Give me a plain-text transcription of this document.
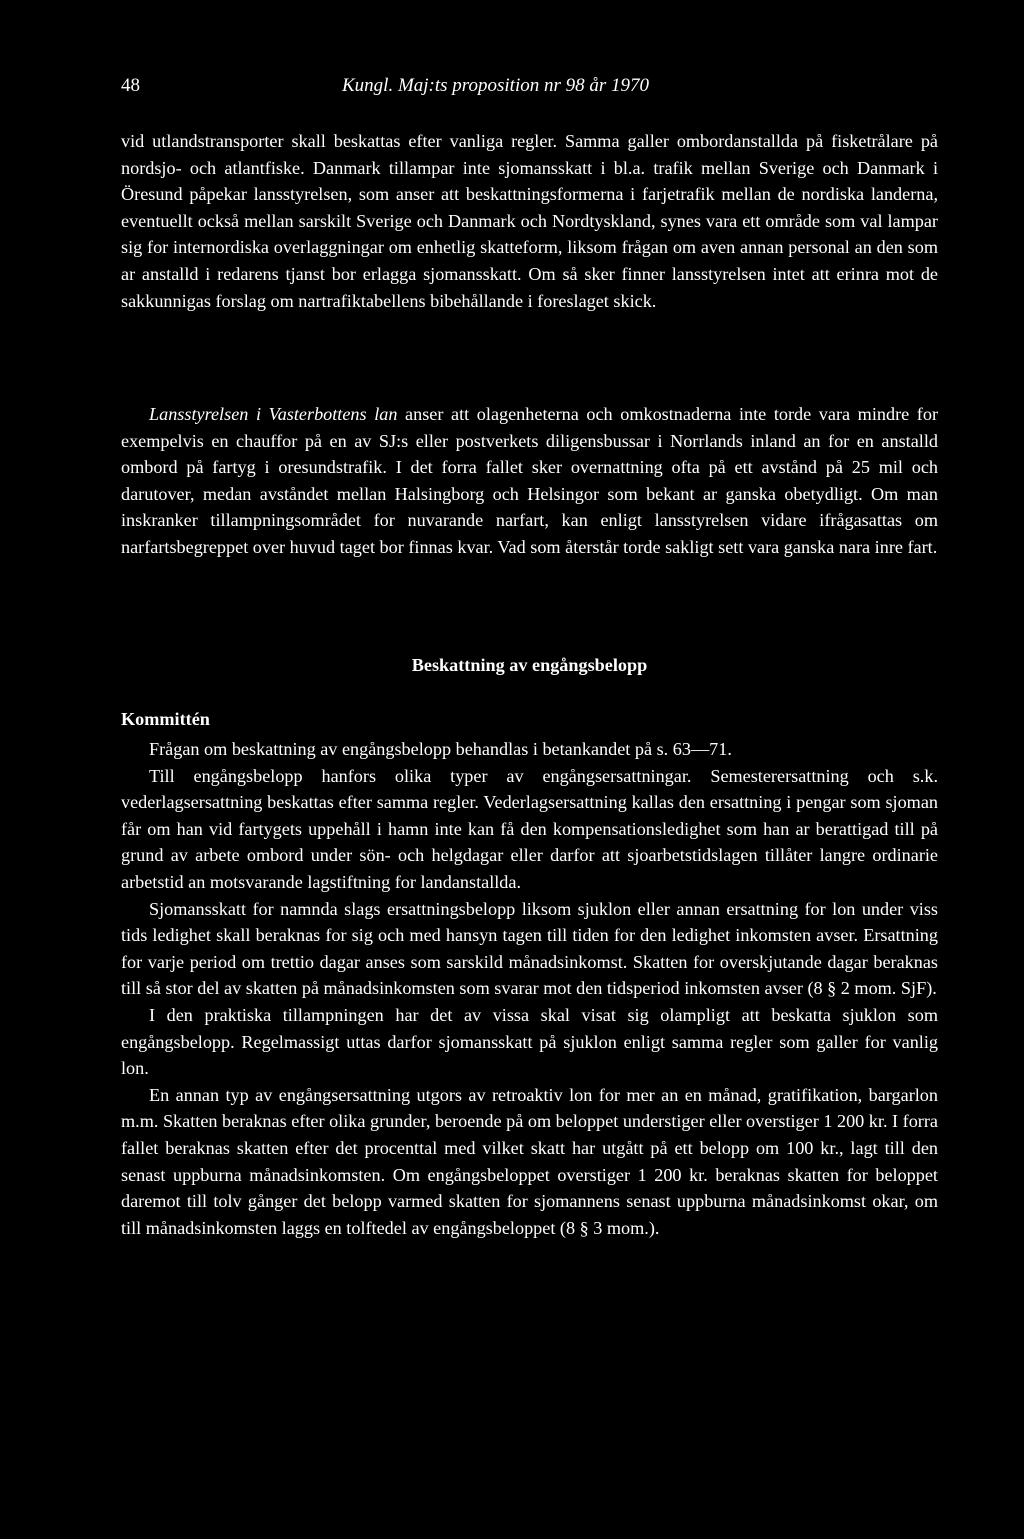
48	Kungl. Maj:ts proposition nr 98 år 1970

vid utlandstransporter skall beskattas efter vanliga regler. Samma galler ombordanstallda på fisketrålare på nordsjo- och atlantfiske. Danmark tillampar inte sjomansskatt i bl.a. trafik mellan Sverige och Danmark i Öresund påpekar lansstyrelsen, som anser att beskattningsformerna i farjetrafik mellan de nordiska landerna, eventuellt också mellan sarskilt Sverige och Danmark och Nordtyskland, synes vara ett område som val lampar sig for internordiska overlaggningar om enhetlig skatteform, liksom frågan om aven annan personal an den som ar anstalld i redarens tjanst bor erlagga sjomansskatt. Om så sker finner lansstyrelsen intet att erinra mot de sakkunnigas forslag om nartrafiktabellens bibehållande i foreslaget skick.

Lansstyrelsen i Vasterbottens lan anser att olagenheterna och omkostnaderna inte torde vara mindre for exempelvis en chauffor på en av SJ:s eller postverkets diligensbussar i Norrlands inland an for en anstalld ombord på fartyg i oresundstrafik. I det forra fallet sker overnattning ofta på ett avstånd på 25 mil och darutover, medan avståndet mellan Halsingborg och Helsingor som bekant ar ganska obetydligt. Om man inskranker tillampningsområdet for nuvarande narfart, kan enligt lansstyrelsen vidare ifrågasattas om narfartsbegreppet over huvud taget bor finnas kvar. Vad som återstår torde sakligt sett vara ganska nara inre fart.

Beskattning av engångsbelopp
Kommittén

Frågan om beskattning av engångsbelopp behandlas i betankandet på s. 63—71.

Till engångsbelopp hanfors olika typer av engångsersattningar. Semesterersattning och s.k. vederlagsersattning beskattas efter samma regler. Vederlagsersattning kallas den ersattning i pengar som sjoman får om han vid fartygets uppehåll i hamn inte kan få den kompensationsledighet som han ar berattigad till på grund av arbete ombord under sön- och helgdagar eller darfor att sjoarbetstidslagen tillåter langre ordinarie arbetstid an motsvarande lagstiftning for landanstallda.

Sjomansskatt for namnda slags ersattningsbelopp liksom sjuklon eller annan ersattning for lon under viss tids ledighet skall beraknas for sig och med hansyn tagen till tiden for den ledighet inkomsten avser. Ersattning for varje period om trettio dagar anses som sarskild månadsinkomst. Skatten for overskjutande dagar beraknas till så stor del av skatten på månadsinkomsten som svarar mot den tidsperiod inkomsten avser (8 § 2 mom. SjF).

I den praktiska tillampningen har det av vissa skal visat sig olampligt att beskatta sjuklon som engångsbelopp. Regelmassigt uttas darfor sjomansskatt på sjuklon enligt samma regler som galler for vanlig lon.

En annan typ av engångsersattning utgors av retroaktiv lon for mer an en månad, gratifikation, bargarlon m.m. Skatten beraknas efter olika grunder, beroende på om beloppet understiger eller overstiger 1 200 kr. I forra fallet beraknas skatten efter det procenttal med vilket skatt har utgått på ett belopp om 100 kr., lagt till den senast uppburna månadsinkomsten. Om engångsbeloppet overstiger 1 200 kr. beraknas skatten for beloppet daremot till tolv gånger det belopp varmed skatten for sjomannens senast uppburna månadsinkomst okar, om till månadsinkomsten laggs en tolftedel av engångsbeloppet (8 § 3 mom.).
